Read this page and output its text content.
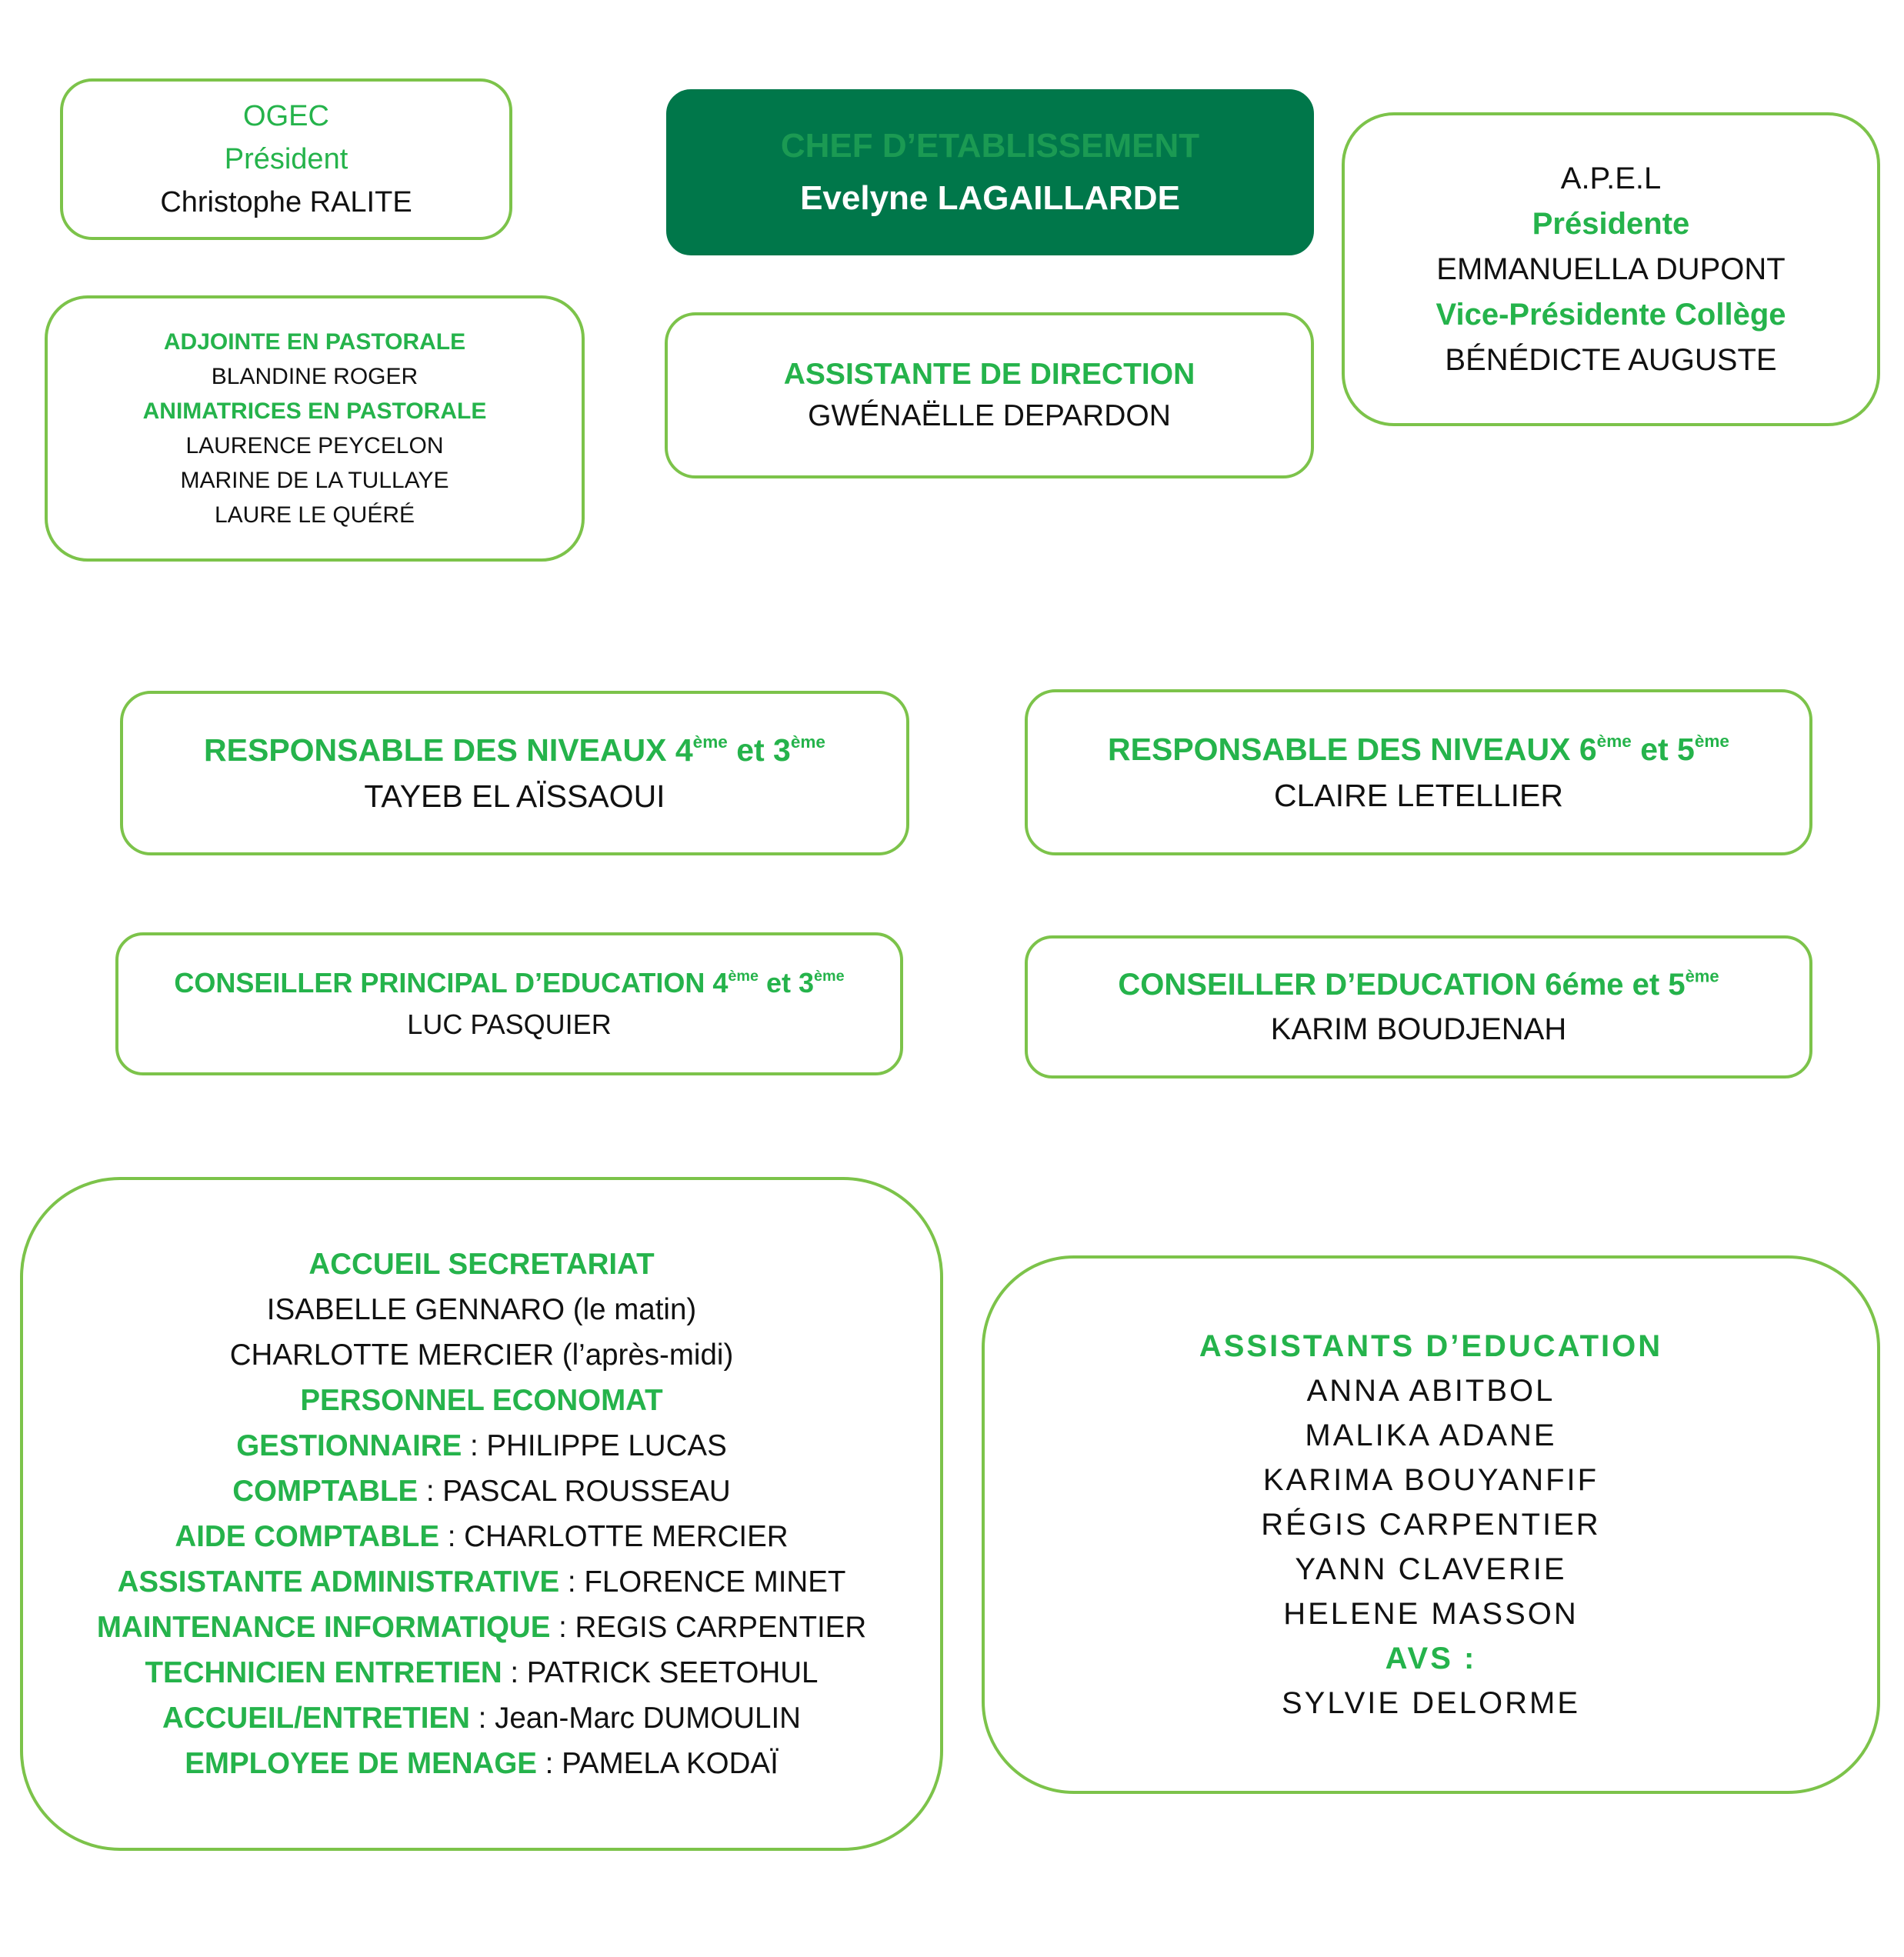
OGEC
Président
Christophe RALITE
CHEF D’ETABLISSEMENT
Evelyne LAGAILLARDE
A.P.E.L
Présidente
EMMANUELLA DUPONT
Vice-Présidente Collège
BÉNÉDICTE AUGUSTE
ADJOINTE EN PASTORALE
BLANDINE ROGER
ANIMATRICES EN PASTORALE
LAURENCE PEYCELON
MARINE DE LA TULLAYE
LAURE LE QUÉRÉ
ASSISTANTE DE DIRECTION
GWÉNAËLLE DEPARDON
RESPONSABLE DES NIVEAUX 4ème et 3ème
TAYEB EL AÏSSAOUI
RESPONSABLE DES NIVEAUX 6ème et 5ème
CLAIRE LETELLIER
CONSEILLER PRINCIPAL D’EDUCATION 4ème et 3ème
LUC PASQUIER
CONSEILLER D’EDUCATION 6éme et 5ème
KARIM BOUDJENAH
ACCUEIL SECRETARIAT
ISABELLE GENNARO (le matin)
CHARLOTTE MERCIER (l’après-midi)
PERSONNEL ECONOMAT
GESTIONNAIRE : PHILIPPE LUCAS
COMPTABLE : PASCAL ROUSSEAU
AIDE COMPTABLE : CHARLOTTE MERCIER
ASSISTANTE ADMINISTRATIVE : FLORENCE MINET
MAINTENANCE INFORMATIQUE : REGIS CARPENTIER
TECHNICIEN ENTRETIEN : PATRICK SEETOHUL
ACCUEIL/ENTRETIEN : Jean-Marc DUMOULIN
EMPLOYEE DE MENAGE : PAMELA KODAÏ
ASSISTANTS D’EDUCATION
ANNA ABITBOL
MALIKA ADANE
KARIMA BOUYANFIF
RÉGIS CARPENTIER
YANN CLAVERIE
HELENE MASSON
AVS :
SYLVIE DELORME
